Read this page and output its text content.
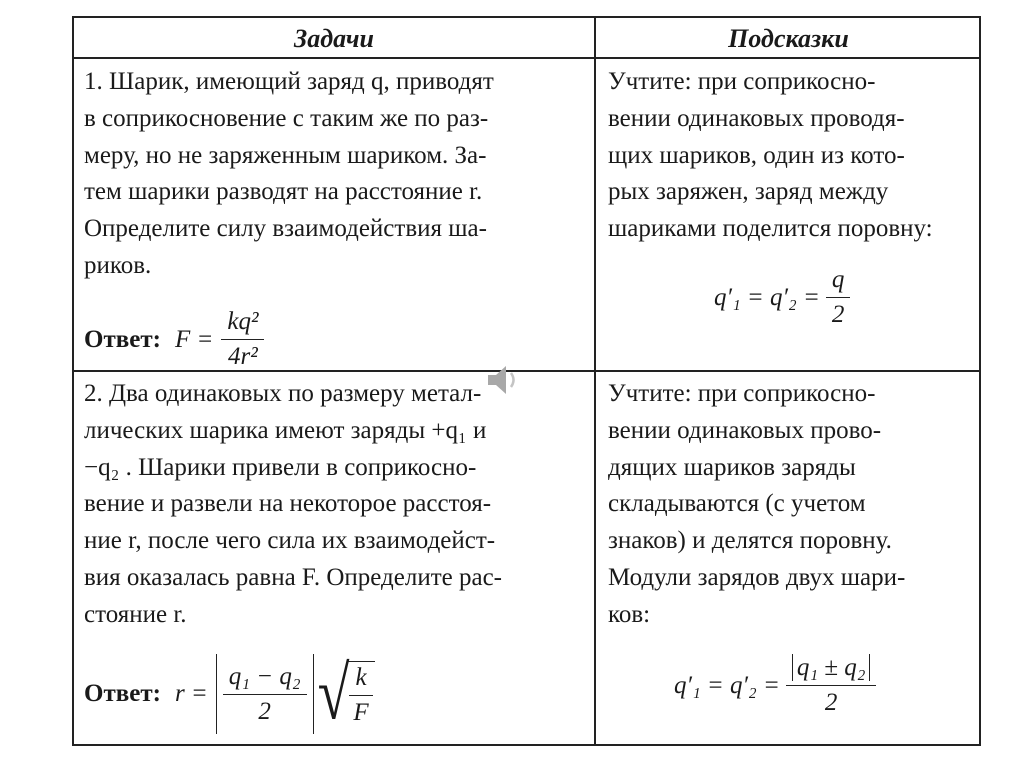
Задачи	Подсказки

1. Шарик, имеющий заряд q, приводят

в соприкосновение с таким же по раз-

меру, но не заряженным шариком. За-

тем шарики разводят на расстояние r.

Определите силу взаимодействия ша-

риков.

Ответ: $F = \frac{\text{kq²}}{\text{4r²}}$

Учтите: при соприкосно-

вении одинаковых проводя-

щих шариков, один из кото-

рых заряжен, заряд между

шариками поделится поровну:

$q'_1 = q'_2 = \frac{q}{2}$

2. Два одинаковых по размеру метал-

лических шарика имеют заряды +q₁ и

−q₂ . Шарики привели в соприкосно-

вение и развели на некоторое расстоя-

ние r, после чего сила их взаимодейст-

вия оказалась равна F. Определите рас-

стояние r.

Ответ: $r = \frac{\text{q₁ − q₂}}{2}$ √
$\frac{k}{F}$

Учтите: при соприкосно-

вении одинаковых прово-

дящих шариков заряды

складываются (с учетом

знаков) и делятся поровну.

Модули зарядов двух шари-

ков:

$q'_1 = q'_2 = \frac{\text{q₁ ± q₂}}{2}$
